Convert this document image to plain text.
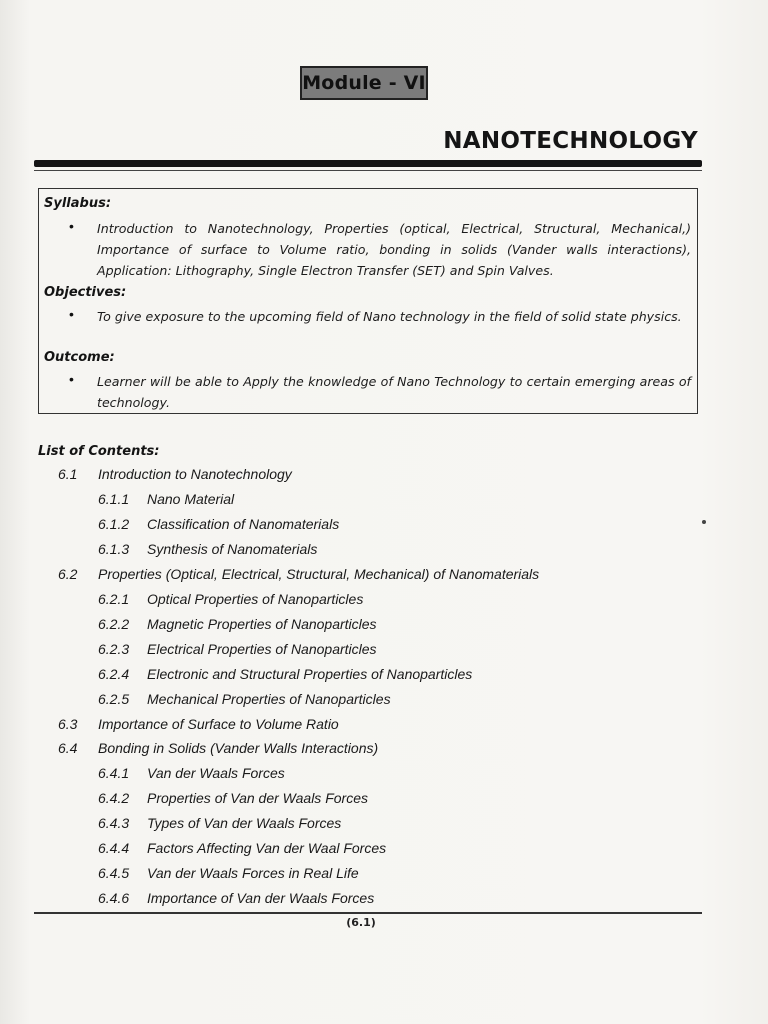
Module - VI
NANOTECHNOLOGY
Syllabus:
• Introduction to Nanotechnology, Properties (optical, Electrical, Structural, Mechanical,) Importance of surface to Volume ratio, bonding in solids (Vander walls interactions), Application: Lithography, Single Electron Transfer (SET) and Spin Valves.
Objectives:
• To give exposure to the upcoming field of Nano technology in the field of solid state physics.
Outcome:
• Learner will be able to Apply the knowledge of Nano Technology to certain emerging areas of technology.
List of Contents:
6.1 Introduction to Nanotechnology
6.1.1 Nano Material
6.1.2 Classification of Nanomaterials
6.1.3 Synthesis of Nanomaterials
6.2 Properties (Optical, Electrical, Structural, Mechanical) of Nanomaterials
6.2.1 Optical Properties of Nanoparticles
6.2.2 Magnetic Properties of Nanoparticles
6.2.3 Electrical Properties of Nanoparticles
6.2.4 Electronic and Structural Properties of Nanoparticles
6.2.5 Mechanical Properties of Nanoparticles
6.3 Importance of Surface to Volume Ratio
6.4 Bonding in Solids (Vander Walls Interactions)
6.4.1 Van der Waals Forces
6.4.2 Properties of Van der Waals Forces
6.4.3 Types of Van der Waals Forces
6.4.4 Factors Affecting Van der Waal Forces
6.4.5 Van der Waals Forces in Real Life
6.4.6 Importance of Van der Waals Forces
(6.1)
